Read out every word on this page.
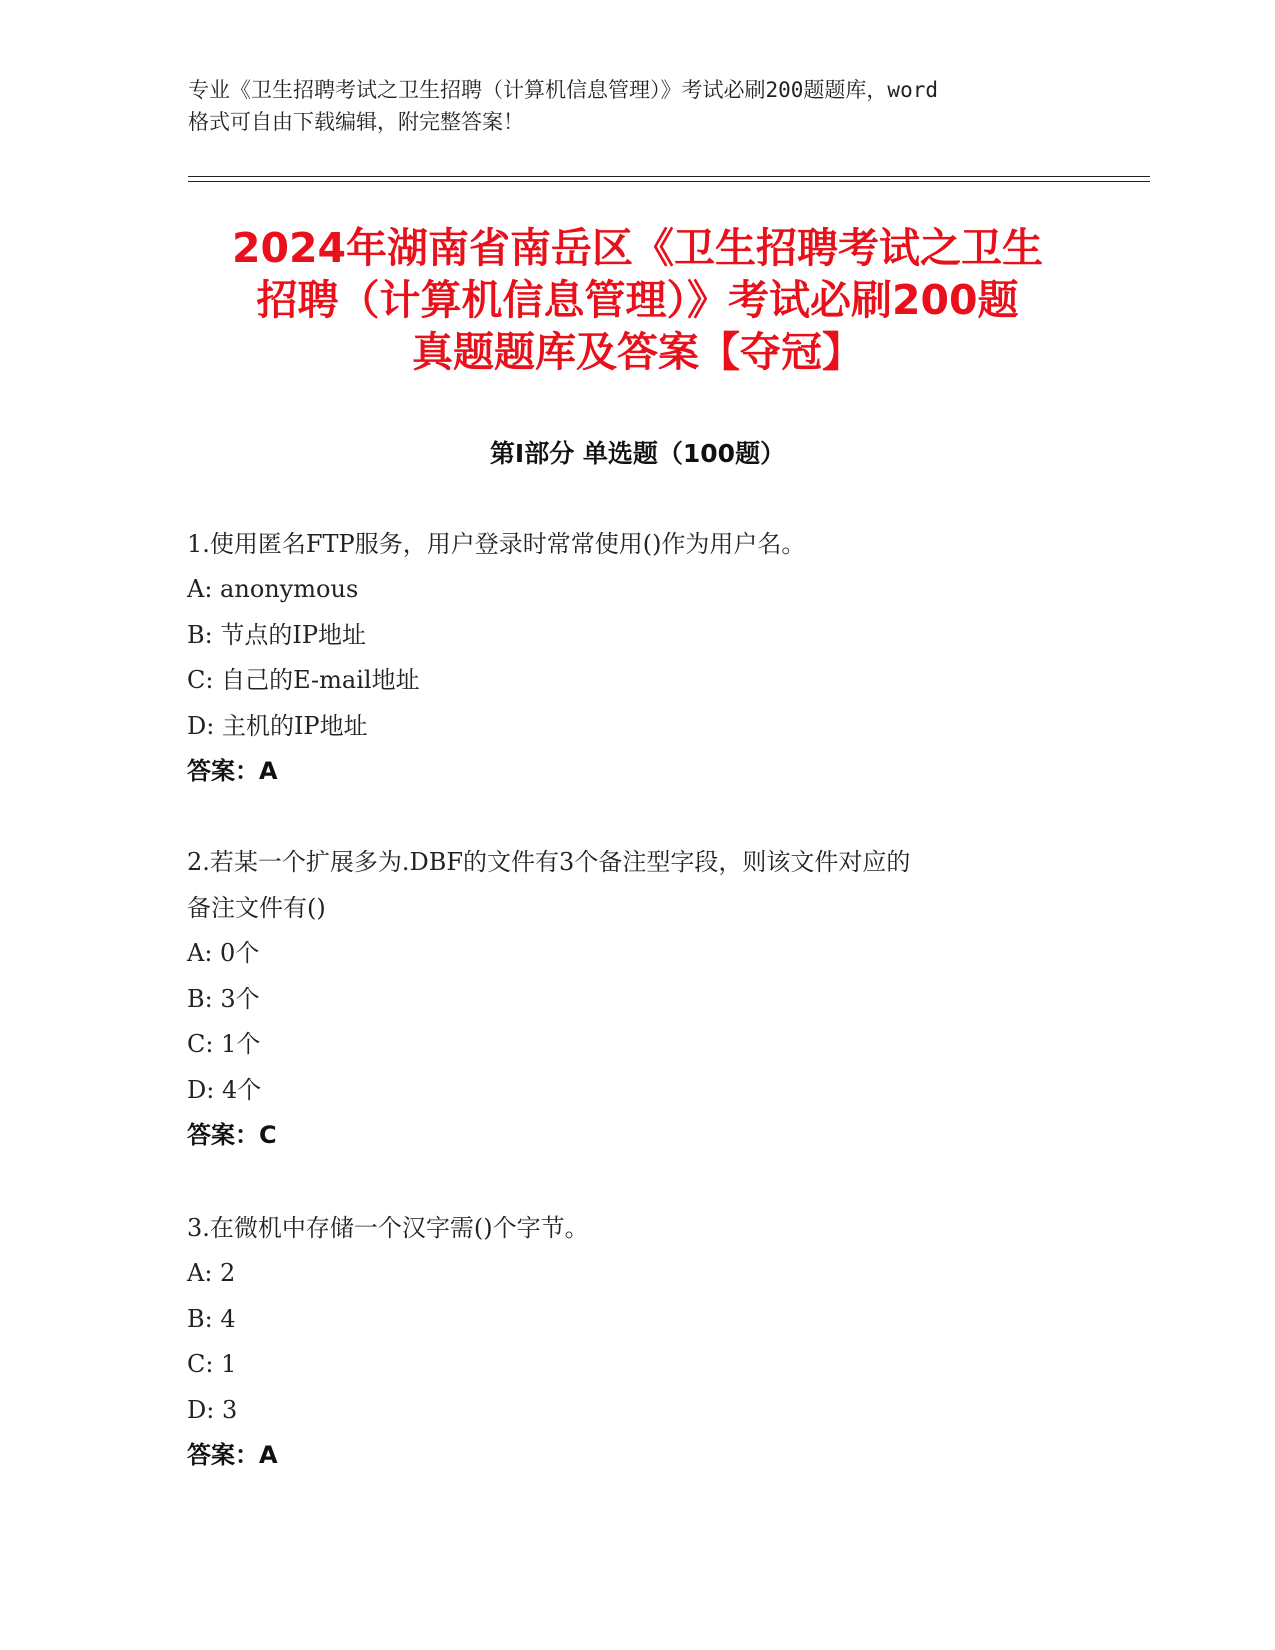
专业《卫生招聘考试之卫生招聘（计算机信息管理）》考试必刷200题题库，word
格式可自由下载编辑，附完整答案！
2024年湖南省南岳区《卫生招聘考试之卫生
招聘（计算机信息管理）》考试必刷200题
真题题库及答案【夺冠】
第Ⅰ部分 单选题（100题）
1.使用匿名FTP服务，用户登录时常常使用()作为用户名。
A: anonymous
B: 节点的IP地址
C: 自己的E-mail地址
D: 主机的IP地址
答案：A
2.若某一个扩展多为.DBF的文件有3个备注型字段，则该文件对应的
备注文件有()
A: 0个
B: 3个
C: 1个
D: 4个
答案：C
3.在微机中存储一个汉字需()个字节。
A: 2
B: 4
C: 1
D: 3
答案：A
